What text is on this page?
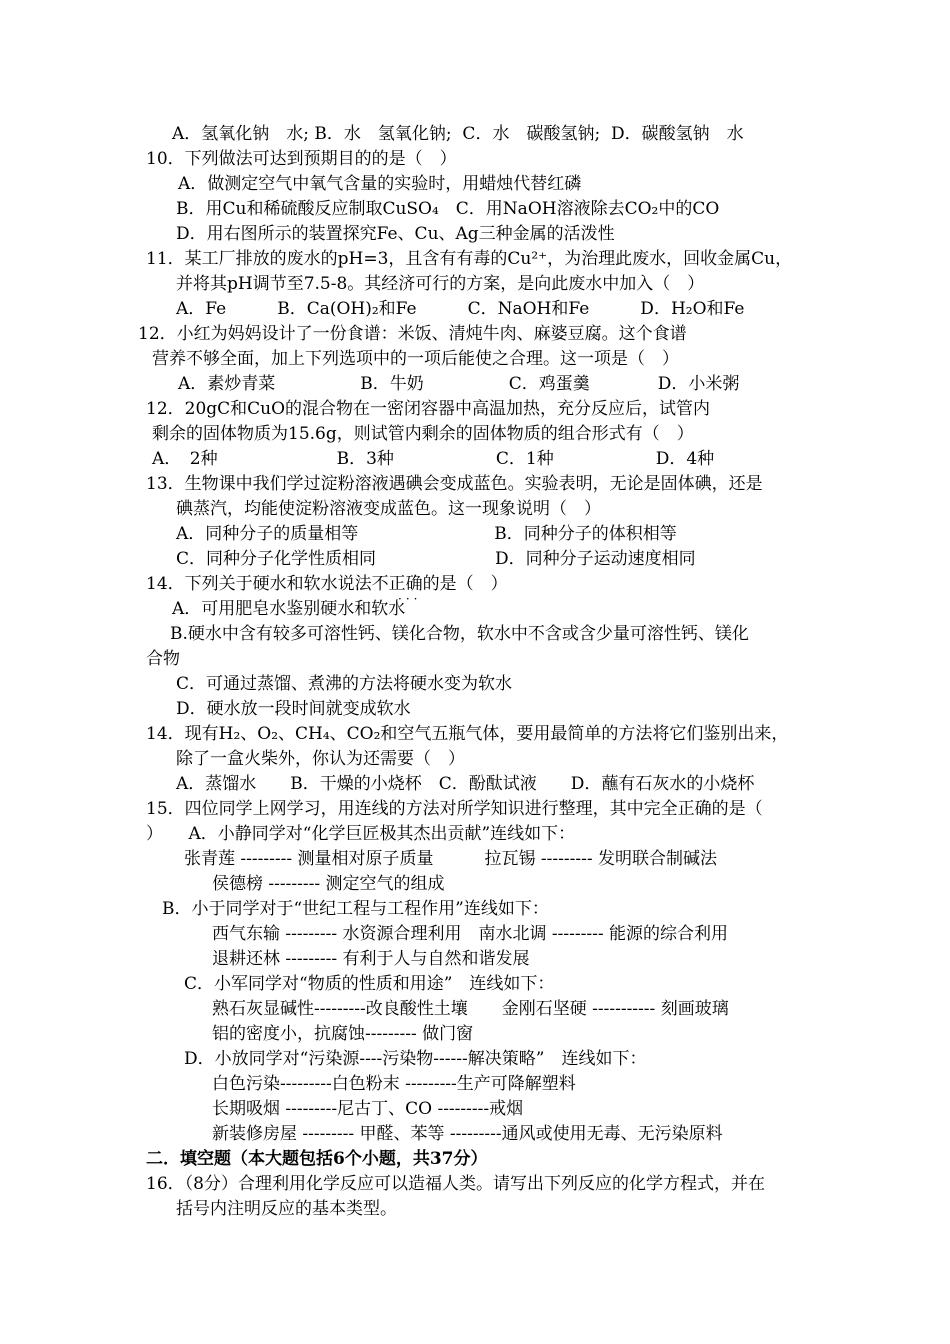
A．氢氧化钠　水; B．水　氢氧化钠;  C．水　碳酸氢钠;  D．碳酸氢钠　水
10．下列做法可达到预期目的的是（　）
A．做测定空气中氧气含量的实验时，用蜡烛代替红磷
B．用Cu和稀硫酸反应制取CuSO₄　C．用NaOH溶液除去CO₂中的CO
D．用右图所示的装置探究Fe、Cu、Ag三种金属的活泼性
11．某工厂排放的废水的pH=3，且含有有毒的Cu²⁺，为治理此废水，回收金属Cu，
并将其pH调节至7.5-8。其经济可行的方案，是向此废水中加入（　）
A．Fe　　　B．Ca(OH)₂和Fe　　　C．NaOH和Fe　　　D．H₂O和Fe
12．小红为妈妈设计了一份食谱：米饭、清炖牛肉、麻婆豆腐。这个食谱
营养不够全面，加上下列选项中的一项后能使之合理。这一项是（　）
A．素炒青菜　　　　　B．牛奶　　　　　C．鸡蛋羹　　　　D．小米粥
12．20gC和CuO的混合物在一密闭容器中高温加热，充分反应后，试管内
剩余的固体物质为15.6g，则试管内剩余的固体物质的组合形式有（　）
A．　2种　　　　　　　B．3种　　　　　　C．1种　　　　　　D．4种
13．生物课中我们学过淀粉溶液遇碘会变成蓝色。实验表明，无论是固体碘，还是
碘蒸汽，均能使淀粉溶液变成蓝色。这一现象说明（　）
A．同种分子的质量相等　　　　　　　　B．同种分子的体积相等
C．同种分子化学性质相同　　　　　　　D．同种分子运动速度相同
14．下列关于硬水和软水说法不正确的是（　）
···
A．可用肥皂水鉴别硬水和软水
B.硬水中含有较多可溶性钙、镁化合物，软水中不含或含少量可溶性钙、镁化
合物
C．可通过蒸馏、煮沸的方法将硬水变为软水
D．硬水放一段时间就变成软水
14．现有H₂、O₂、CH₄、CO₂和空气五瓶气体，要用最简单的方法将它们鉴别出来，
除了一盒火柴外，你认为还需要（　）
A．蒸馏水　　B．干燥的小烧杯　C．酚酞试液　　D．蘸有石灰水的小烧杯
15．四位同学上网学习，用连线的方法对所学知识进行整理，其中完全正确的是（
）　　A．小静同学对“化学巨匠极其杰出贡献”连线如下：
张青莲 --------- 测量相对原子质量　　　拉瓦锡 --------- 发明联合制碱法
侯德榜 --------- 测定空气的组成
B．小于同学对于“世纪工程与工程作用”连线如下：
西气东输 --------- 水资源合理利用　南水北调 --------- 能源的综合利用
退耕还林 --------- 有利于人与自然和谐发展
C．小军同学对“物质的性质和用途”　连线如下：
熟石灰显碱性---------改良酸性土壤　　金刚石坚硬 ----------- 刻画玻璃
铝的密度小，抗腐蚀--------- 做门窗
D．小放同学对“污染源----污染物------解决策略”　连线如下：
白色污染---------白色粉末 ---------生产可降解塑料
长期吸烟 ---------尼古丁、CO ---------戒烟
新装修房屋 --------- 甲醛、苯等 ---------通风或使用无毒、无污染原料
二．填空题（本大题包括6个小题，共37分）
16．（8分）合理利用化学反应可以造福人类。请写出下列反应的化学方程式，并在
括号内注明反应的基本类型。
